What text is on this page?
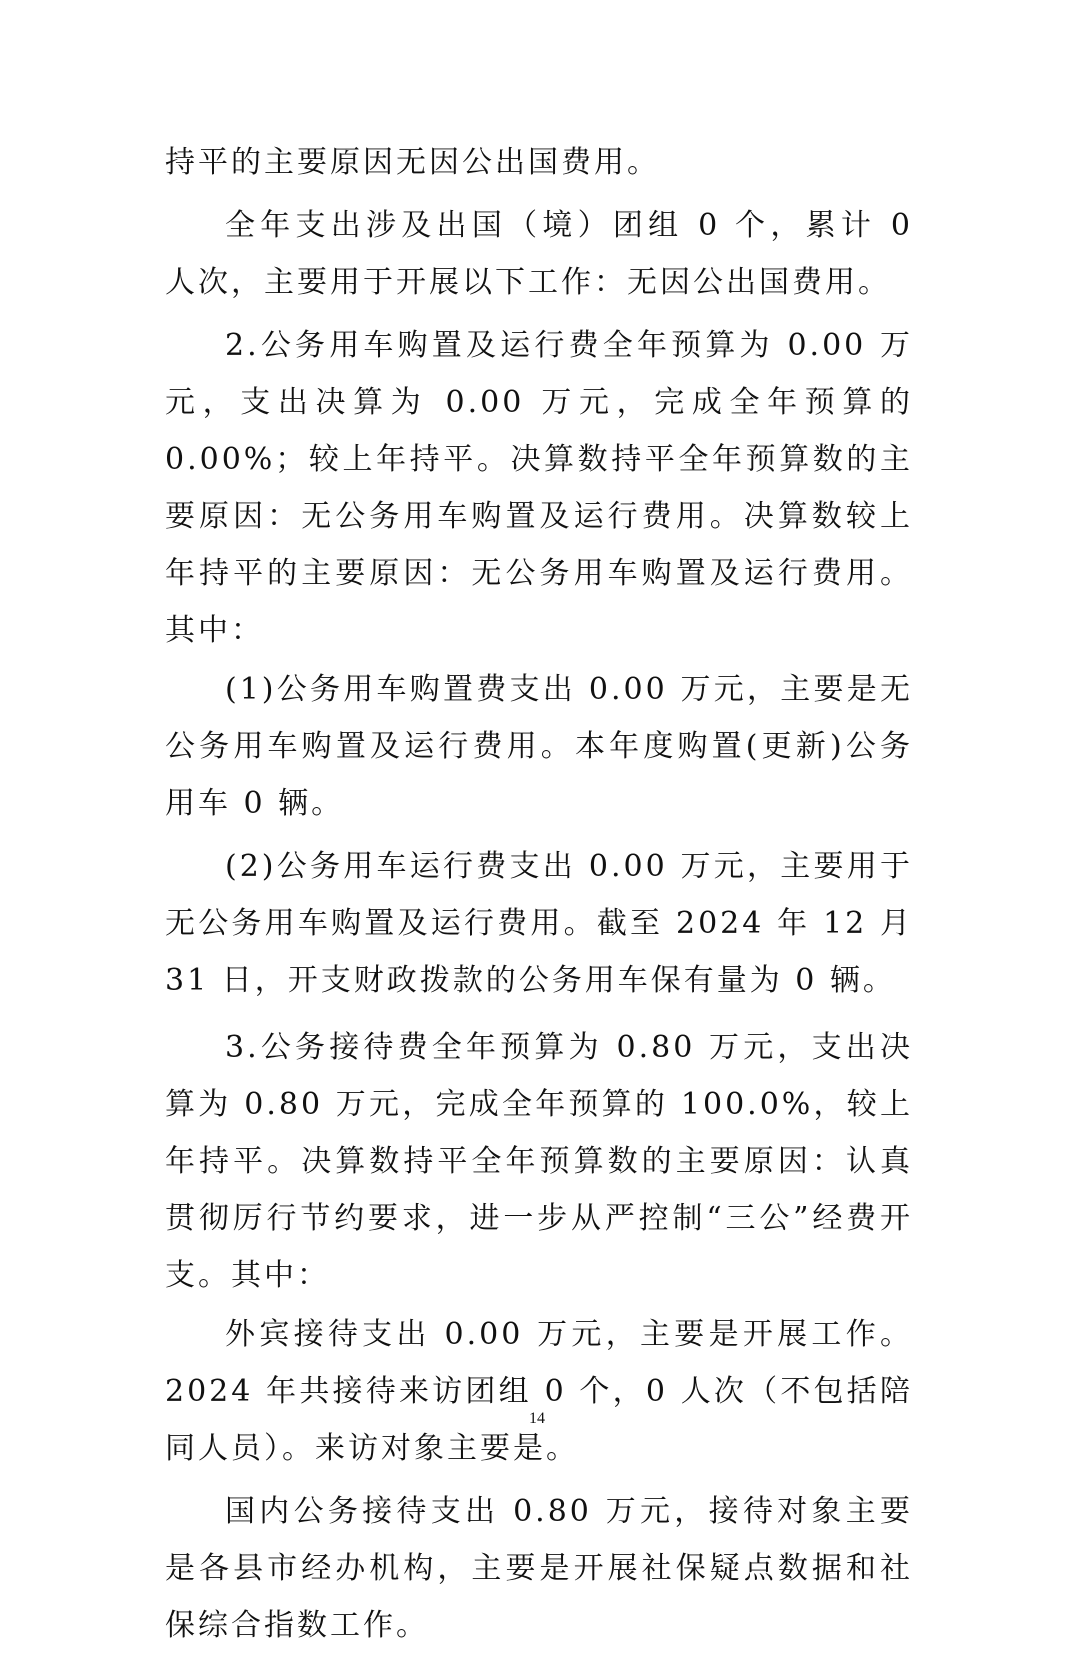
持平的主要原因无因公出国费用。

全年支出涉及出国（境）团组 0 个，累计 0 人次，主要用于开展以下工作：无因公出国费用。

2.公务用车购置及运行费全年预算为 0.00 万元，支出决算为 0.00 万元，完成全年预算的 0.00%；较上年持平。决算数持平全年预算数的主要原因：无公务用车购置及运行费用。决算数较上年持平的主要原因：无公务用车购置及运行费用。其中：

(1)公务用车购置费支出 0.00 万元，主要是无公务用车购置及运行费用。本年度购置(更新)公务用车 0 辆。

(2)公务用车运行费支出 0.00 万元，主要用于无公务用车购置及运行费用。截至 2024 年 12 月 31 日，开支财政拨款的公务用车保有量为 0 辆。

3.公务接待费全年预算为 0.80 万元，支出决算为 0.80 万元，完成全年预算的 100.0%，较上年持平。决算数持平全年预算数的主要原因：认真贯彻厉行节约要求，进一步从严控制“三公”经费开支。其中：

外宾接待支出 0.00 万元，主要是开展工作。2024 年共接待来访团组 0 个，0 人次（不包括陪同人员）。来访对象主要是。

国内公务接待支出 0.80 万元，接待对象主要是各县市经办机构，主要是开展社保疑点数据和社保综合指数工作。

14
